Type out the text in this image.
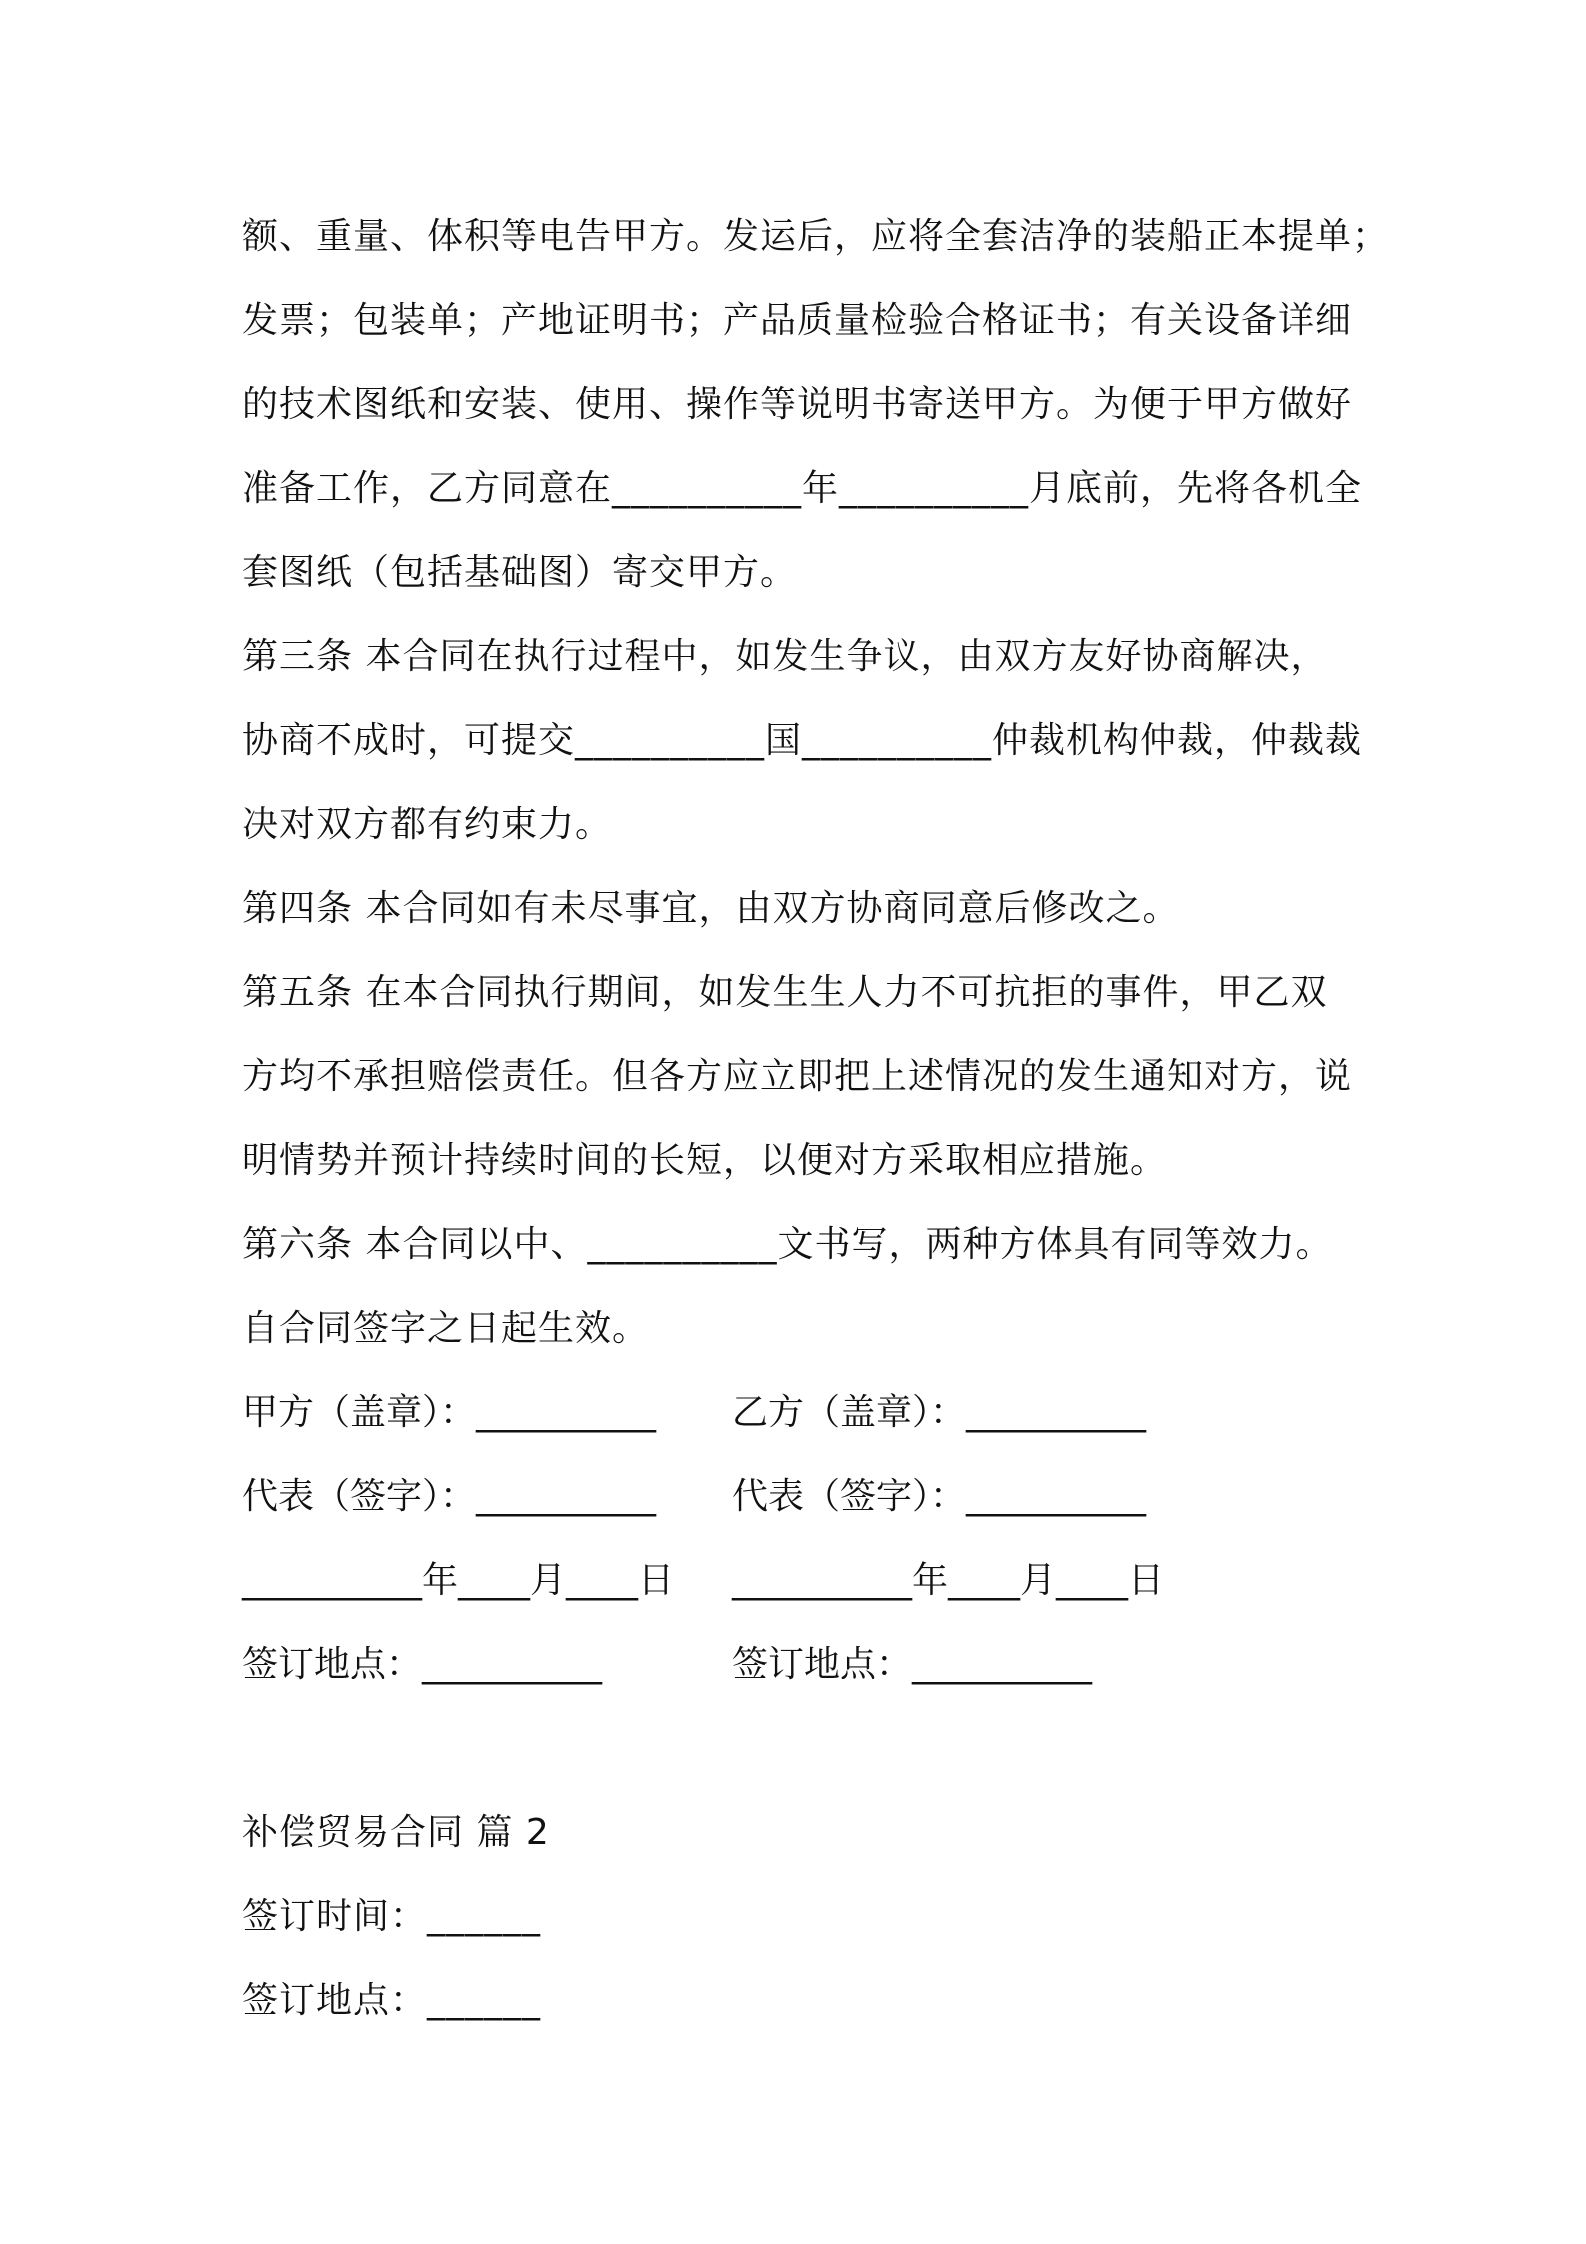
额、重量、体积等电告甲方。发运后，应将全套洁净的装船正本提单；
发票；包装单；产地证明书；产品质量检验合格证书；有关设备详细
的技术图纸和安装、使用、操作等说明书寄送甲方。为便于甲方做好
准备工作，乙方同意在__________年__________月底前，先将各机全
套图纸（包括基础图）寄交甲方。
第三条 本合同在执行过程中，如发生争议，由双方友好协商解决，
协商不成时，可提交__________国__________仲裁机构仲裁，仲裁裁
决对双方都有约束力。
第四条 本合同如有未尽事宜，由双方协商同意后修改之。
第五条 在本合同执行期间，如发生生人力不可抗拒的事件，甲乙双
方均不承担赔偿责任。但各方应立即把上述情况的发生通知对方，说
明情势并预计持续时间的长短，以便对方采取相应措施。
第六条 本合同以中、__________文书写，两种方体具有同等效力。
自合同签字之日起生效。
甲方（盖章）：__________ 乙方（盖章）：__________
代表（签字）：__________ 代表（签字）：__________
__________年____月____日 __________年____月____日
签订地点：__________	签订地点：__________
补偿贸易合同 篇 2
签订时间：______
签订地点：______
